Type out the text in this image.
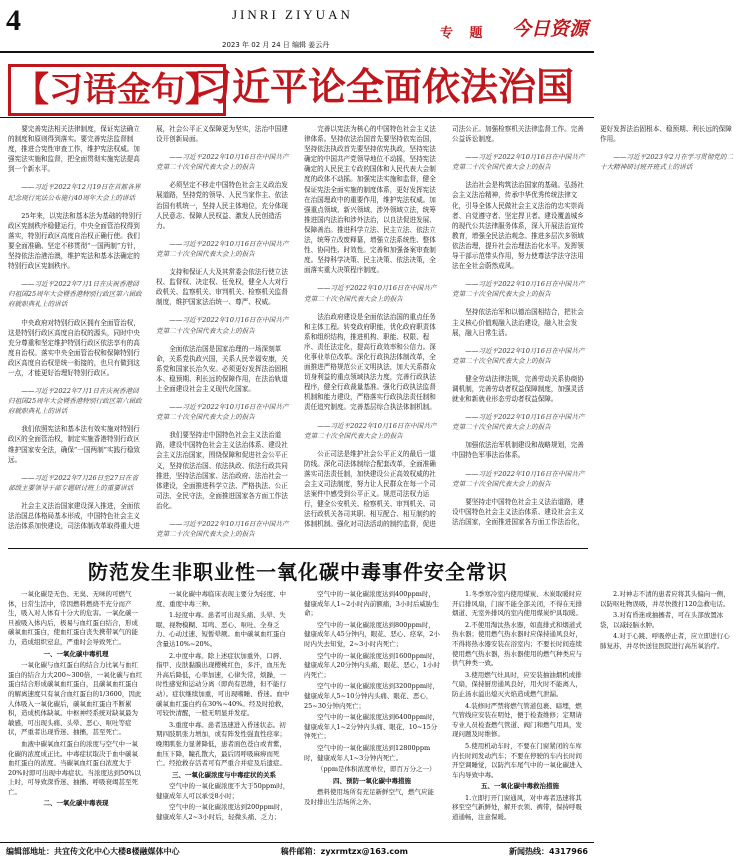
4	JINRI ZIYUAN
2023 年 02 月 24 日 编辑 姜云丹
专 题 今日资源
【习语金句】
习近平论全面依法治国

要完善宪法相关法律制度，保证宪法确立的制度和原则得到落实。要完善宪法监督制度，推进合宪性审查工作，维护宪法权威。加强宪法实施和监督，把全面贯彻实施宪法提高到一个新水平。

——习近平2022年12月19日在首都各界纪念现行宪法公布施行40周年大会上的讲话

25年来，以宪法和基本法为基础的特别行政区宪制秩序稳健运行，中央全面管治权得到落实，特别行政区高度自治权正确行使。我们要全面准确、坚定不移贯彻“一国两制”方针，坚持依法治港治澳，维护宪法和基本法确定的特别行政区宪制秩序。

——习近平2022年7月1日在庆祝香港回归祖国25周年大会暨香港特别行政区第六届政府就职典礼上的讲话

中央政府对特别行政区拥有全面管治权，这是特别行政区高度自治权的源头，同时中央充分尊重和坚定维护特别行政区依法享有的高度自治权。落实中央全面管治权和保障特别行政区高度自治权是统一衔接的，也只有做到这一点，才能更好治理好特别行政区。

——习近平2022年7月1日在庆祝香港回归祖国25周年大会暨香港特别行政区第六届政府就职典礼上的讲话

我们依照宪法和基本法有效实施对特别行政区的全面管治权，制定实施香港特别行政区维护国家安全法，确保“一国两制”实践行稳致远。

——习近平2022年7月26日至27日在省部级主要领导干部专题研讨班上的重要讲话

社会主义法治国家建设深入推进，全面依法治国总体格局基本形成，中国特色社会主义法治体系加快建设，司法体制改革取得重大进展，社会公平正义保障更为坚实，法治中国建设开创新局面。

——习近平2022年10月16日在中国共产党第二十次全国代表大会上的报告

必须坚定不移走中国特色社会主义政治发展道路，坚持党的领导、人民当家作主、依法治国有机统一，坚持人民主体地位，充分体现人民意志、保障人民权益、激发人民创造活力。

——习近平2022年10月16日在中国共产党第二十次全国代表大会上的报告

支持和保证人大及其常委会依法行使立法权、监督权、决定权、任免权，健全人大对行政机关、监察机关、审判机关、检察机关监督制度，维护国家法治统一、尊严、权威。

——习近平2022年10月16日在中国共产党第二十次全国代表大会上的报告

全面依法治国是国家治理的一场深刻革命，关系党执政兴国，关系人民幸福安康，关系党和国家长治久安。必须更好发挥法治固根本、稳预期、利长远的保障作用，在法治轨道上全面建设社会主义现代化国家。

——习近平2022年10月16日在中国共产党第二十次全国代表大会上的报告

我们要坚持走中国特色社会主义法治道路，建设中国特色社会主义法治体系、建设社会主义法治国家，围绕保障和促进社会公平正义，坚持依法治国、依法执政、依法行政共同推进，坚持法治国家、法治政府、法治社会一体建设，全面推进科学立法、严格执法、公正司法、全民守法，全面推进国家各方面工作法治化。

——习近平2022年10月16日在中国共产党第二十次全国代表大会上的报告

完善以宪法为核心的中国特色社会主义法律体系。坚持依法治国首先要坚持依宪治国，坚持依法执政首先要坚持依宪执政，坚持宪法确定的中国共产党领导地位不动摇，坚持宪法确定的人民民主专政的国体和人民代表大会制度的政体不动摇。加强宪法实施和监督，健全保证宪法全面实施的制度体系，更好发挥宪法在治国理政中的重要作用，维护宪法权威。加强重点领域、新兴领域、涉外领域立法，统筹推进国内法治和涉外法治，以良法促进发展、保障善治。推进科学立法、民主立法、依法立法，统筹立改废释纂，增强立法系统性、整体性、协同性、时效性。完善和加强备案审查制度。坚持科学决策、民主决策、依法决策，全面落实重大决策程序制度。

——习近平2022年10月16日在中国共产党第二十次全国代表大会上的报告

法治政府建设是全面依法治国的重点任务和主体工程。转变政府职能，优化政府职责体系和组织结构，推进机构、职能、权限、程序、责任法定化，提高行政效率和公信力。深化事业单位改革。深化行政执法体制改革，全面推进严格规范公正文明执法，加大关系群众切身利益的重点领域执法力度，完善行政执法程序，健全行政裁量基准。强化行政执法监督机制和能力建设，严格落实行政执法责任制和责任追究制度。完善基层综合执法体制机制。

——习近平2022年10月16日在中国共产党第二十次全国代表大会上的报告

公正司法是维护社会公平正义的最后一道防线。深化司法体制综合配套改革，全面准确落实司法责任制，加快建设公正高效权威的社会主义司法制度，努力让人民群众在每一个司法案件中感受到公平正义。规范司法权力运行，健全公安机关、检察机关、审判机关、司法行政机关各司其职、相互配合、相互制约的体制机制。强化对司法活动的制约监督，促进司法公正。加强检察机关法律监督工作。完善公益诉讼制度。

——习近平2022年10月16日在中国共产党第二十次全国代表大会上的报告

法治社会是构筑法治国家的基础。弘扬社会主义法治精神，传承中华优秀传统法律文化，引导全体人民做社会主义法治的忠实崇尚者、自觉遵守者、坚定捍卫者。建设覆盖城乡的现代公共法律服务体系，深入开展法治宣传教育，增强全民法治观念。推进多层次多领域依法治理，提升社会治理法治化水平。发挥领导干部示范带头作用，努力使尊法学法守法用法在全社会蔚然成风。

——习近平2022年10月16日在中国共产党第二十次全国代表大会上的报告

坚持依法治军和以德治国相结合，把社会主义核心价值观融入法治建设，融入社会发展，融入日常生活。

——习近平2022年10月16日在中国共产党第二十次全国代表大会上的报告

健全劳动法律法规，完善劳动关系协商协调机制，完善劳动者权益保障制度，加强灵活就业和新就业形态劳动者权益保障。

——习近平2022年10月16日在中国共产党第二十次全国代表大会上的报告

加强依法治军机制建设和战略规划，完善中国特色军事法治体系。

——习近平2022年10月16日在中国共产党第二十次全国代表大会上的报告

要坚持走中国特色社会主义法治道路，建设中国特色社会主义法治体系、建设社会主义法治国家，全面推进国家各方面工作法治化，更好发挥法治固根本、稳预期、利长远的保障作用。

——习近平2023年2月在学习贯彻党的二十大精神研讨班开班式上的讲话

防范发生非职业性一氧化碳中毒事件安全常识

一氧化碳是无色、无臭、无味的可燃气体，日常生活中，常因燃料燃烧不充分而产生，吸入对人体有十分大的危害。一氧化碳一旦被吸入体内后，极易与血红蛋白结合，形成碳氧血红蛋白，使血红蛋白丧失携带氧气的能力，造成组织窒息，严重时会导致死亡。

一、一氧化碳中毒机理

一氧化碳与血红蛋白的结合力比氧与血红蛋白的结合力大200~300倍，一氧化碳与血红蛋白结合形成碳氧血红蛋白，且碳氧血红蛋白的解离速度只有氧合血红蛋白的1/3600，因此人体吸入一氧化碳后，碳氧血红蛋白不断累积，造成机体缺氧。中枢神经系统对缺氧最为敏感，可出现头痛、头晕、恶心、呕吐等症状，严重者出现昏迷、抽搐，甚至死亡。

血液中碳氧血红蛋白的浓度与空气中一氧化碳的浓度成正比。中毒症状取决于血中碳氧血红蛋白的浓度。当碳氧血红蛋白浓度大于20%时即可出现中毒症状。当浓度达到50%以上时，可导致深昏迷、抽搐、呼吸衰竭甚至死亡。

二、一氧化碳中毒表现

一氧化碳中毒临床表现主要分为轻度、中度、重度中毒三种。

1.轻度中毒。患者可出现头痛、头晕、失眠、视物模糊、耳鸣、恶心、呕吐、全身乏力、心动过速、短暂晕厥。血中碳氧血红蛋白含量达10%~20%。

2.中度中毒。除上述症状加重外，口唇、指甲、皮肤黏膜出现樱桃红色，多汗，血压先升高后降低，心率加速，心律失常，烦躁，一时性感觉和运动分离（即尚有思维，但不能行动）。症状继续加重，可出现嗜睡、昏迷。血中碳氧血红蛋白约在30%~40%。经及时抢救，可较快清醒，一般无明显并发症。

3.重度中毒。患者迅速进入昏迷状态。初期四肢肌张力增加，或有阵发性强直性痉挛；晚期肌张力显著降低，患者面色苍白或青紫，血压下降，瞳孔散大，最后因呼吸麻痹而死亡。经抢救存活者可有严重合并症及后遗症。

三、一氧化碳浓度与中毒症状的关系

空气中的一氧化碳浓度不大于50ppm时，健康成年人可以承受8小时；

空气中的一氧化碳浓度达到200ppm时，健康成年人2~3小时后，轻微头痛、乏力；

空气中的一氧化碳浓度达到400ppm时，健康成年人1~2小时内前额痛，3小时后威胁生命；

空气中的一氧化碳浓度达到800ppm时，健康成年人45分钟内，眼花、恶心、痉挛，2小时内失去知觉，2~3小时内死亡；

空气中的一氧化碳浓度达到1600ppm时，健康成年人20分钟内头痛、眼花、恶心，1小时内死亡；

空气中的一氧化碳浓度达到3200ppm时，健康成年人5~10分钟内头痛、眼花、恶心，25~30分钟内死亡；

空气中的一氧化碳浓度达到6400ppm时，健康成年人1~2分钟内头痛、眼花，10~15分钟死亡；

空气中的一氧化碳浓度达到12800ppm时，健康成年人1~3分钟内死亡。

（ppm是体积浓度单位，即百万分之一）

四、预防一氧化碳中毒措施

燃料使用场所有充足新鲜空气，燃气应能及时排出生活场所之外。

1.冬季寒冷室内使用煤炭、木炭取暖时应开启排风扇，门窗不能全部关闭，不得在无排烟道、无室外排风的室内使用煤炭炉具取暖。

2.不使用淘汰热水器，如直排式和烟道式热水器；使用燃气热水器时应保持通风良好，不得将热水器安装在浴室内；不要长时间连续使用燃气热水器，热水器使用的燃气种类应与供气种类一致。

3.使用燃气灶具时，应安装抽油烟机或排气扇，保持厨房通风良好，用火时不能离人，防止汤水溢出熄灭火焰造成燃气泄漏。

4.装修时严禁将燃气管道包裹、暗埋，燃气管线应安装在明处，便于检查维修；定期请专业人员检查燃气管道、阀门和燃气用具，发现问题及时维修。

5.使用机动车时，不要在门窗紧闭的车库内长时间发动汽车；不要在停驶的车内长时间开空调睡觉，以防汽车尾气中的一氧化碳进入车内导致中毒。

五、一氧化碳中毒救治措施

1.立即打开门窗通风，对中毒者迅速将其移至空气新鲜处，解开衣领、裤带，保持呼吸道通畅，注意保暖。

2.对神志不清的患者应将其头偏向一侧，以防呕吐物误吸，并尽快拨打120急救电话。

3.对有昏迷或抽搐者，可在头部放置冰袋，以减轻脑水肿。

4.对于心跳、呼吸停止者，应立即进行心肺复苏，并尽快送往医院进行高压氧治疗。

编辑部地址：共宜传文化中心大楼8楼融媒体中心	稿件邮箱：zyxrmtzx@163.com	新闻热线：4317966
